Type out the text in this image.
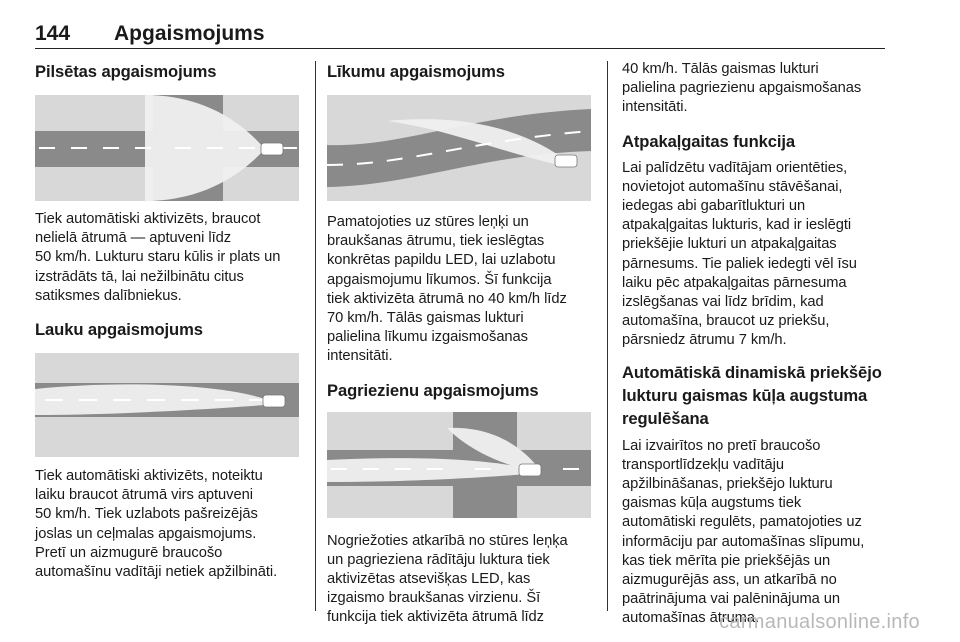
144 Apgaismojums
Pilsētas apgaismojums

Tiek automātiski aktivizēts, braucot

nelielā ātrumā — aptuveni līdz

50 km/h. Lukturu staru kūlis ir plats un

izstrādāts tā, lai nežilbinātu citus

satiksmes dalībniekus.

Lauku apgaismojums

Tiek automātiski aktivizēts, noteiktu

laiku braucot ātrumā virs aptuveni

50 km/h. Tiek uzlabots pašreizējās

joslas un ceļmalas apgaismojums.

Pretī un aizmugurē braucošo

automašīnu vadītāji netiek apžilbināti.

Līkumu apgaismojums

Pamatojoties uz stūres leņķi un

braukšanas ātrumu, tiek ieslēgtas

konkrētas papildu LED, lai uzlabotu

apgaismojumu līkumos. Šī funkcija

tiek aktivizēta ātrumā no 40 km/h līdz

70 km/h. Tālās gaismas lukturi

palielina līkumu izgaismošanas

intensitāti.

Pagriezienu apgaismojums

Nogriežoties atkarībā no stūres leņķa

un pagrieziena rādītāju luktura tiek

aktivizētas atsevišķas LED, kas

izgaismo braukšanas virzienu. Šī

funkcija tiek aktivizēta ātrumā līdz

40 km/h. Tālās gaismas lukturi

palielina pagriezienu apgaismošanas

intensitāti.

Atpakaļgaitas funkcija

Lai palīdzētu vadītājam orientēties,

novietojot automašīnu stāvēšanai,

iedegas abi gabarītlukturi un

atpakaļgaitas lukturis, kad ir ieslēgti

priekšējie lukturi un atpakaļgaitas

pārnesums. Tie paliek iedegti vēl īsu

laiku pēc atpakaļgaitas pārnesuma

izslēgšanas vai līdz brīdim, kad

automašīna, braucot uz priekšu,

pārsniedz ātrumu 7 km/h.

Automātiskā dinamiskā priekšējo
lukturu gaismas kūļa augstuma
regulēšana

Lai izvairītos no pretī braucošo

transportlīdzekļu vadītāju

apžilbināšanas, priekšējo lukturu

gaismas kūļa augstums tiek

automātiski regulēts, pamatojoties uz

informāciju par automašīnas slīpumu,

kas tiek mērīta pie priekšējās un

aizmugurējās ass, un atkarībā no

paātrinājuma vai palēninājuma un

automašīnas ātruma.

carmanualsonline.info
